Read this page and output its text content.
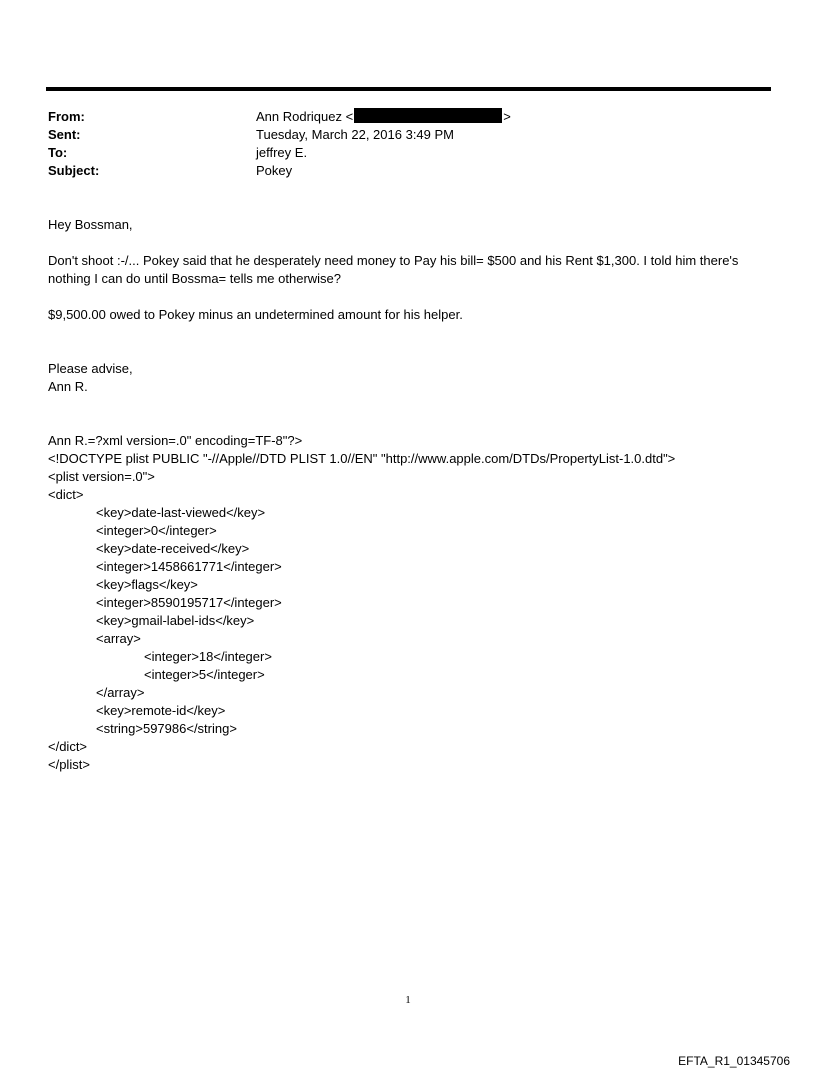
From:	Ann Rodriquez <	>
Sent:	Tuesday, March 22, 2016 3:49 PM
To:	jeffrey E.
Subject:	Pokey
Hey Bossman,
Don't shoot :-/... Pokey said that he desperately need money to Pay his bill= $500 and his Rent $1,300. I told him there's
nothing I can do until Bossma= tells me otherwise?
$9,500.00 owed to Pokey minus an undetermined amount for his helper.
Please advise,
Ann R.
Ann R.=?xml version=.0" encoding=TF-8"?>
<!DOCTYPE plist PUBLIC "-//Apple//DTD PLIST 1.0//EN" "http://www.apple.com/DTDs/PropertyList-1.0.dtd">
<plist version=.0">
<dict>
<key>date-last-viewed</key>
<integer>0</integer>
<key>date-received</key>
<integer>1458661771</integer>
<key>flags</key>
<integer>8590195717</integer>
<key>gmail-label-ids</key>
<array>
<integer>18</integer>
<integer>5</integer>
</array>
<key>remote-id</key>
<string>597986</string>
</dict>
</plist>
1
EFTA_R1_01345706
